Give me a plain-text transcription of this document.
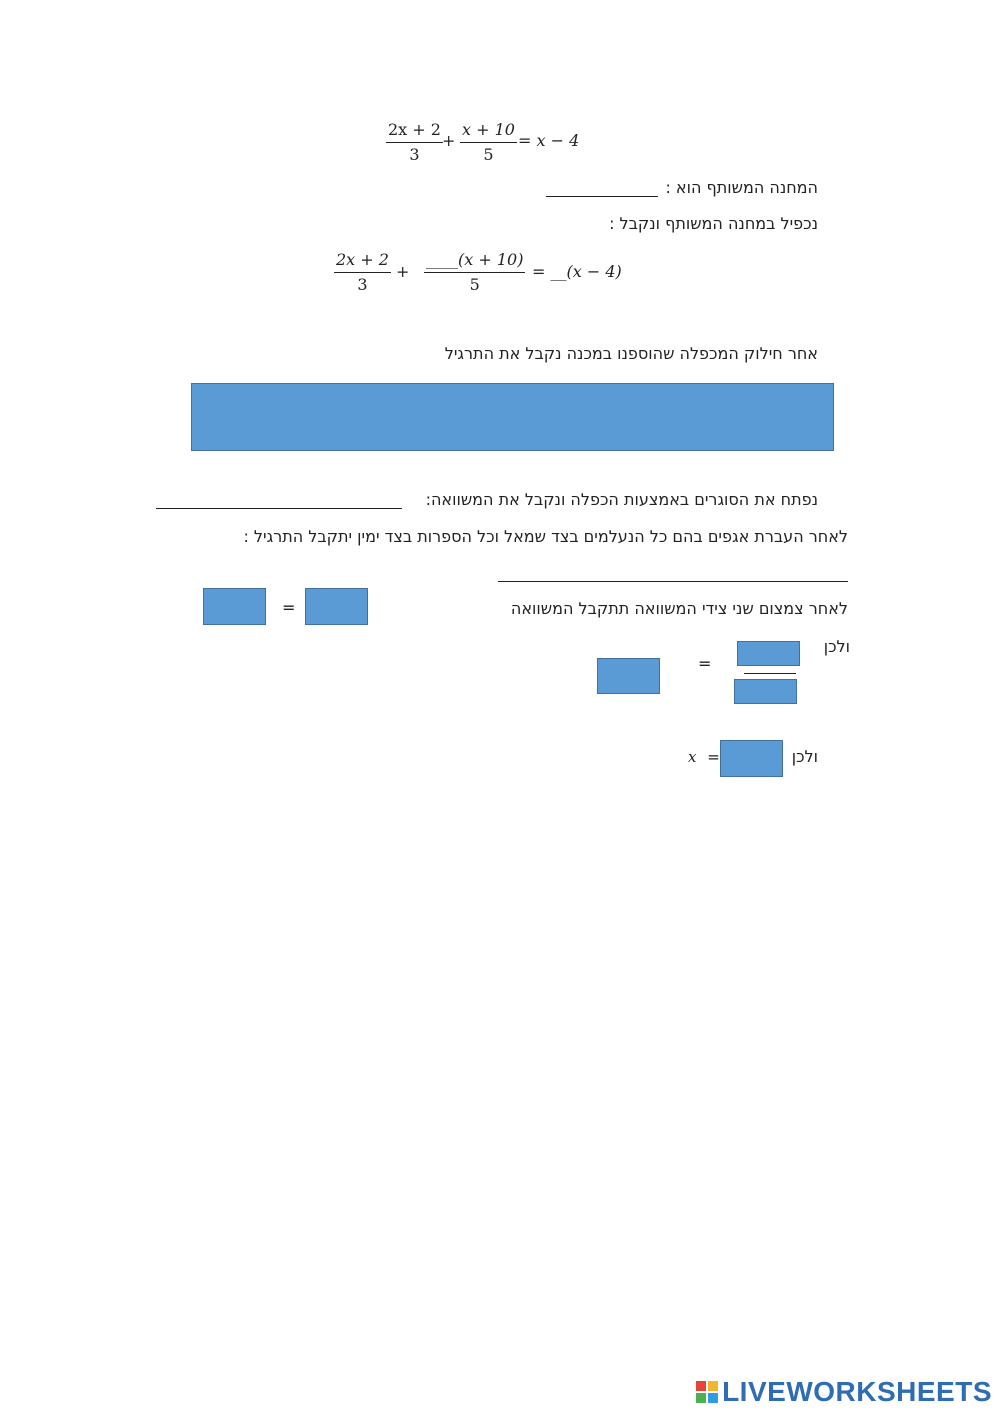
$\frac{2x + 2}{3} + \frac{x + 10}{5} = x - 4$
המחנה המשותף הוא :
נכפיל במחנה המשותף ונקבל :
$\frac{2x + 2}{3} + \frac{\_\_\_\_(x + 10)}{5}$ = __(x − 4)
אחר חילוק המכפלה שהוספנו במכנה נקבל את התרגיל
נפתח את הסוגרים באמצעות הכפלה ונקבל את המשוואה:
לאחר העברת אגפים בהם כל הנעלמים בצד שמאל וכל הספרות בצד ימין יתקבל התרגיל :
לאחר צמצום שני צידי המשוואה תתקבל המשוואה
=
ולכן
=
ולכן
x =
LIVEWORKSHEETS
